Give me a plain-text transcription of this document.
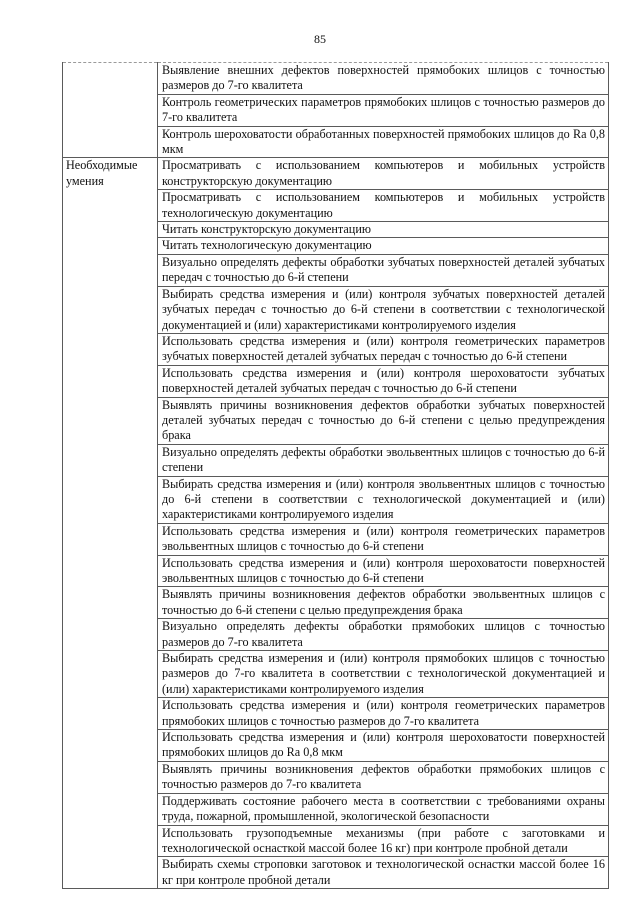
85
	Выявление внешних дефектов поверхностей прямобоких шлицов с точностью размеров до 7-го квалитета
	Контроль геометрических параметров прямобоких шлицов с точностью размеров до 7-го квалитета
	Контроль шероховатости обработанных поверхностей прямобоких шлицов до Ra 0,8 мкм
Необходимые умения	Просматривать с использованием компьютеров и мобильных устройств конструкторскую документацию
	Просматривать с использованием компьютеров и мобильных устройств технологическую документацию
	Читать конструкторскую документацию
	Читать технологическую документацию
	Визуально определять дефекты обработки зубчатых поверхностей деталей зубчатых передач с точностью до 6-й степени
	Выбирать средства измерения и (или) контроля зубчатых поверхностей деталей зубчатых передач с точностью до 6-й степени в соответствии с технологической документацией и (или) характеристиками контролируемого изделия
	Использовать средства измерения и (или) контроля геометрических параметров зубчатых поверхностей деталей зубчатых передач с точностью до 6-й степени
	Использовать средства измерения и (или) контроля шероховатости зубчатых поверхностей деталей зубчатых передач с точностью до 6-й степени
	Выявлять причины возникновения дефектов обработки зубчатых поверхностей деталей зубчатых передач с точностью до 6-й степени с целью предупреждения брака
	Визуально определять дефекты обработки эвольвентных шлицов с точностью до 6-й степени
	Выбирать средства измерения и (или) контроля эвольвентных шлицов с точностью до 6-й степени в соответствии с технологической документацией и (или) характеристиками контролируемого изделия
	Использовать средства измерения и (или) контроля геометрических параметров эвольвентных шлицов с точностью до 6-й степени
	Использовать средства измерения и (или) контроля шероховатости поверхностей эвольвентных шлицов с точностью до 6-й степени
	Выявлять причины возникновения дефектов обработки эвольвентных шлицов с точностью до 6-й степени с целью предупреждения брака
	Визуально определять дефекты обработки прямобоких шлицов с точностью размеров до 7-го квалитета
	Выбирать средства измерения и (или) контроля прямобоких шлицов с точностью размеров до 7-го квалитета в соответствии с технологической документацией и (или) характеристиками контролируемого изделия
	Использовать средства измерения и (или) контроля геометрических параметров прямобоких шлицов с точностью размеров до 7-го квалитета
	Использовать средства измерения и (или) контроля шероховатости поверхностей прямобоких шлицов до Ra 0,8 мкм
	Выявлять причины возникновения дефектов обработки прямобоких шлицов с точностью размеров до 7-го квалитета
	Поддерживать состояние рабочего места в соответствии с требованиями охраны труда, пожарной, промышленной, экологической безопасности
	Использовать грузоподъемные механизмы (при работе с заготовками и технологической оснасткой массой более 16 кг) при контроле пробной детали
	Выбирать схемы строповки заготовок и технологической оснастки массой более 16 кг при контроле пробной детали
